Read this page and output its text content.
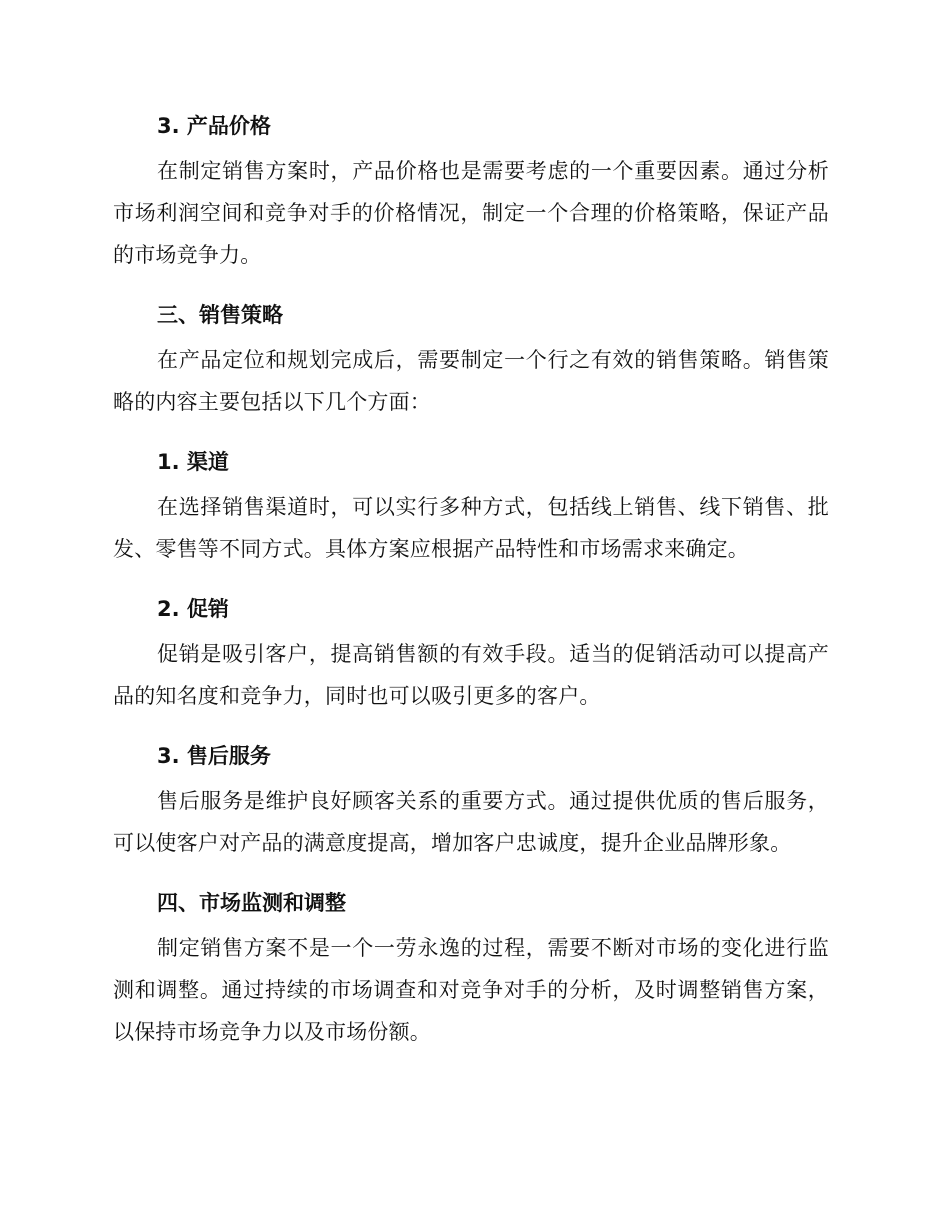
3. 产品价格

在制定销售方案时，产品价格也是需要考虑的一个重要因素。通过分析市场利润空间和竞争对手的价格情况，制定一个合理的价格策略，保证产品的市场竞争力。

三、销售策略

在产品定位和规划完成后，需要制定一个行之有效的销售策略。销售策略的内容主要包括以下几个方面：

1. 渠道

在选择销售渠道时，可以实行多种方式，包括线上销售、线下销售、批发、零售等不同方式。具体方案应根据产品特性和市场需求来确定。

2. 促销

促销是吸引客户，提高销售额的有效手段。适当的促销活动可以提高产品的知名度和竞争力，同时也可以吸引更多的客户。

3. 售后服务

售后服务是维护良好顾客关系的重要方式。通过提供优质的售后服务，可以使客户对产品的满意度提高，增加客户忠诚度，提升企业品牌形象。

四、市场监测和调整

制定销售方案不是一个一劳永逸的过程，需要不断对市场的变化进行监测和调整。通过持续的市场调查和对竞争对手的分析，及时调整销售方案，以保持市场竞争力以及市场份额。
